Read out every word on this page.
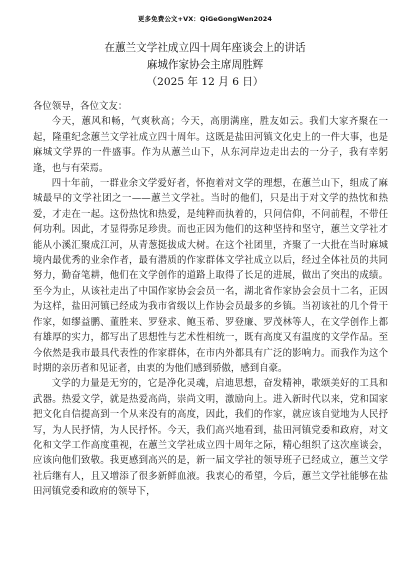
更多免费公文+VX：QiGeGongWen2024

在蕙兰文学社成立四十周年座谈会上的讲话

麻城作家协会主席周胜辉

（2025 年 12 月 6 日）

各位领导，各位文友：

今天，蕙风和畅，气爽秋高；今天，高朋满座，胜友如云。我们大家齐聚在一起，隆重纪念蕙兰文学社成立四十周年。这既是盐田河镇文化史上的一件大事，也是麻城文学界的一件盛事。作为从蕙兰山下，从东河岸边走出去的一分子，我有幸躬逢，也与有荣焉。

四十年前，一群业余文学爱好者，怀抱着对文学的理想，在蕙兰山下，组成了麻城最早的文学社团之一——蕙兰文学社。当时的他们，只是出于对文学的热忱和热爱，才走在一起。这份热忱和热爱，是纯粹而执着的，只问信仰，不问前程，不带任何功利。因此，才显得弥足珍贵。而也正因为他们的这种坚持和坚守，蕙兰文学社才能从小溪汇聚成江河，从青葱挺拔成大树。在这个社团里，齐聚了一大批在当时麻城境内最优秀的业余作者，最有潜质的作家群体文学社成立以后，经过全体社员的共同努力，勤奋笔耕，他们在文学创作的道路上取得了长足的进展，做出了突出的成绩。至今为止，从该社走出了中国作家协会会员一名，湖北省作家协会会员十二名，正因为这样，盐田河镇已经成为我市省级以上作协会员最多的乡镇。当初该社的几个骨干作家，如缪益鹏、董胜来、罗登求、鲍玉希、罗登廉、罗茂林等人，在文学创作上都有雄厚的实力，都写出了思想性与艺术性相统一，既有高度又有温度的文学作品。至今依然是我市最具代表性的作家群体，在市内外都具有广泛的影响力。而我作为这个时期的亲历者和见证者，由衷的为他们感到骄傲，感到自豪。

文学的力量是无穷的，它是净化灵魂，启迪思想，奋发精神，歌颂美好的工具和武器。热爱文学，就是热爱高尚，崇尚文明，激励向上。进入新时代以来，党和国家把文化自信提高到一个从来没有的高度，因此，我们的作家，就应该自觉地为人民抒写，为人民抒情，为人民抒怀。今天，我们高兴地看到，盐田河镇党委和政府，对文化和文学工作高度重视，在蕙兰文学社成立四十周年之际，精心组织了这次座谈会，应该向他们致敬。我更感到高兴的是，新一届文学社的领导班子已经成立，蕙兰文学社后继有人，且又增添了很多新鲜血液。我衷心的希望，今后，蕙兰文学社能够在盐田河镇党委和政府的领导下，
